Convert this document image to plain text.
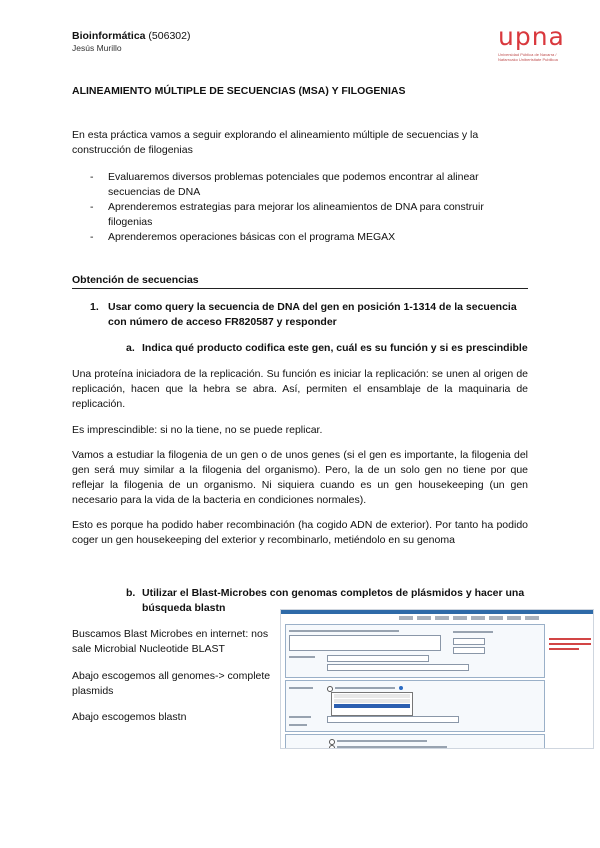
Bioinformática (506302)
Jesús Murillo	upna
Universidad Pública de Navarra / Nafarroako Unibertsitate Publikoa
ALINEAMIENTO MÚLTIPLE DE SECUENCIAS (MSA) Y FILOGENIAS
En esta práctica vamos a seguir explorando el alineamiento múltiple de secuencias y la construcción de filogenias
- Evaluaremos diversos problemas potenciales que podemos encontrar al alinear secuencias de DNA
- Aprenderemos estrategias para mejorar los alineamientos de DNA para construir filogenias
- Aprenderemos operaciones básicas con el programa MEGAX
Obtención de secuencias
1. Usar como query la secuencia de DNA del gen en posición 1-1314 de la secuencia con número de acceso FR820587 y responder
a. Indica qué producto codifica este gen, cuál es su función y si es prescindible
Una proteína iniciadora de la replicación. Su función es iniciar la replicación: se unen al origen de replicación, hacen que la hebra se abra. Así, permiten el ensamblaje de la maquinaria de replicación.
Es imprescindible: si no la tiene, no se puede replicar.
Vamos a estudiar la filogenia de un gen o de unos genes (si el gen es importante, la filogenia del gen será muy similar a la filogenia del organismo). Pero, la de un solo gen no tiene por que reflejar la filogenia de un organismo. Ni siquiera cuando es un gen housekeeping (un gen necesario para la vida de la bacteria en condiciones normales).
Esto es porque ha podido haber recombinación (ha cogido ADN de exterior). Por tanto ha podido coger un gen housekeeping del exterior y recombinarlo, metiéndolo en su genoma
b. Utilizar el Blast-Microbes con genomas completos de plásmidos y hacer una búsqueda blastn
Buscamos Blast Microbes en internet: nos sale Microbial Nucleotide BLAST
Abajo escogemos all genomes-> complete plasmids
Abajo escogemos blastn
